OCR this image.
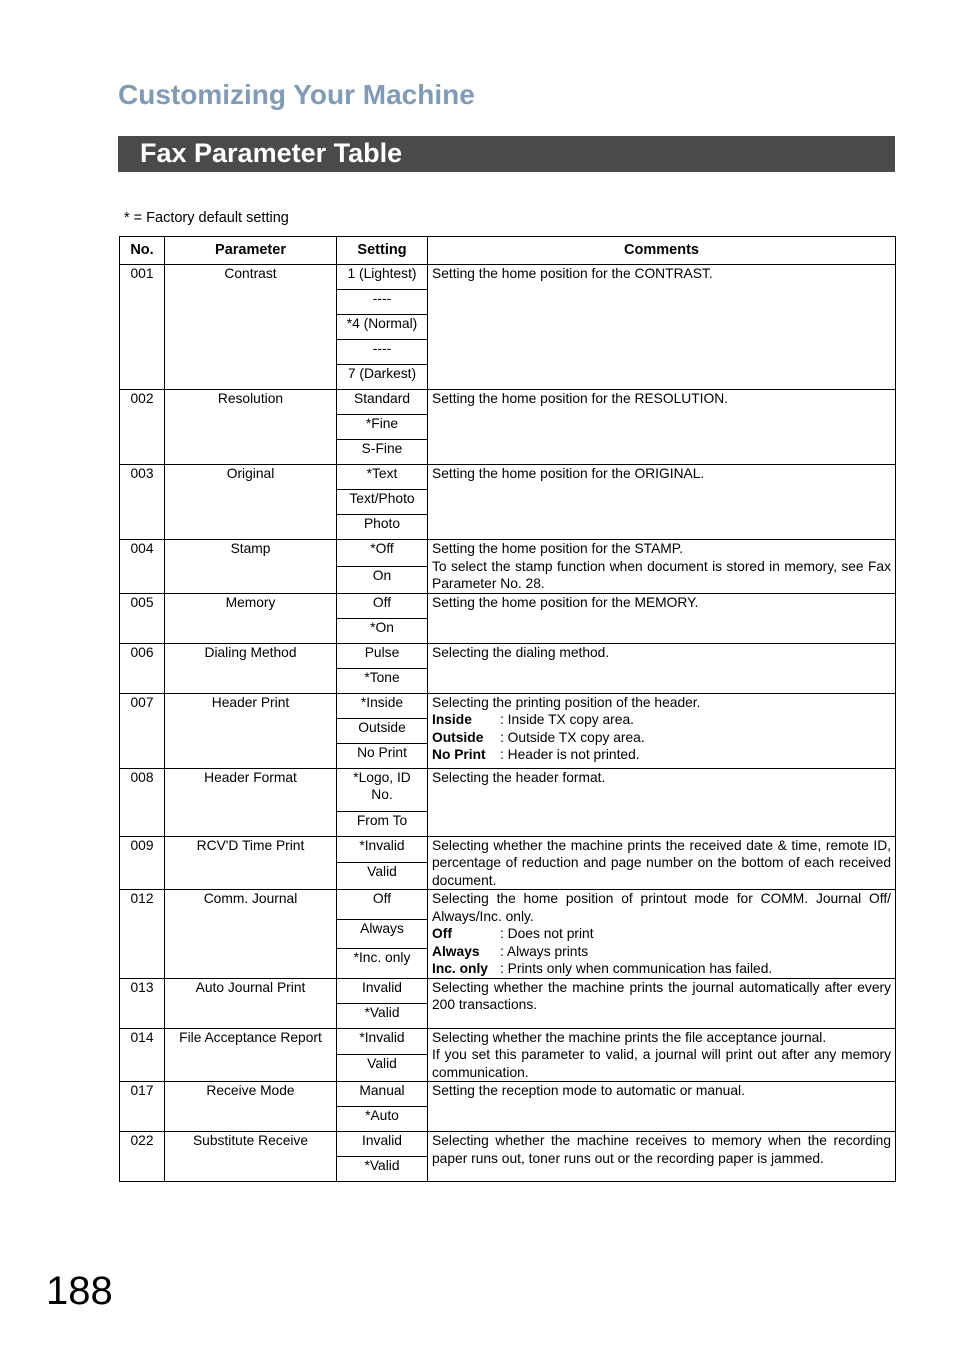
Customizing Your Machine
Fax Parameter Table
* = Factory default setting
No.	Parameter	Setting	Comments
001	Contrast	1 (Lightest)	Setting the home position for the CONTRAST.

		----	
		*4 (Normal)	
		----	
		7 (Darkest)	
002	Resolution	Standard	Setting the home position for the RESOLUTION.

		*Fine	
		S-Fine	
003	Original	*Text	Setting the home position for the ORIGINAL.

		Text/Photo	
		Photo	
004	Stamp	*Off	Setting the home position for the STAMP.
To select the stamp function when document is stored in memory, see Fax Parameter No. 28.

		On	
005	Memory	Off	Setting the home position for the MEMORY.

		*On	
006	Dialing Method	Pulse	Selecting the dialing method.

		*Tone	
007	Header Print	*Inside	Selecting the printing position of the header.
Inside : Inside TX copy area.
Outside : Outside TX copy area.
No Print : Header is not printed.

		Outside	
		No Print	
008	Header Format	*Logo, ID No.	Selecting the header format.

		From To	
009	RCV'D Time Print	*Invalid	Selecting whether the machine prints the received date & time, remote ID, percentage of reduction and page number on the bottom of each received document.

		Valid	
012	Comm. Journal	Off	Selecting the home position of printout mode for COMM. Journal Off/ Always/Inc. only.
Off : Does not print
Always : Always prints
Inc. only : Prints only when communication has failed.

		Always	
		*Inc. only	
013	Auto Journal Print	Invalid	Selecting whether the machine prints the journal automatically after every 200 transactions.

		*Valid	
014	File Acceptance Report	*Invalid	Selecting whether the machine prints the file acceptance journal.
If you set this parameter to valid, a journal will print out after any memory communication.

		Valid	
017	Receive Mode	Manual	Setting the reception mode to automatic or manual.

		*Auto	
022	Substitute Receive	Invalid	Selecting whether the machine receives to memory when the recording paper runs out, toner runs out or the recording paper is jammed.

		*Valid	
188
